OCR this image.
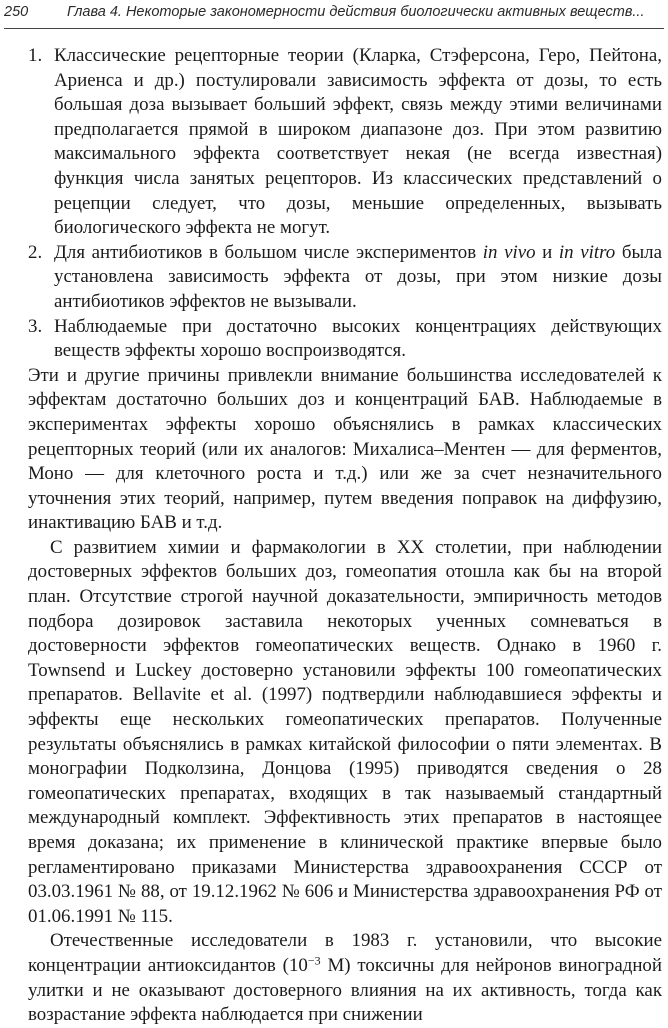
250	Глава 4. Некоторые закономерности действия биологически активных веществ...
1. Классические рецепторные теории (Кларка, Стэферсона, Геро, Пейтона, Ариенса и др.) постулировали зависимость эффекта от дозы, то есть большая доза вызывает больший эффект, связь между этими величинами предполагается прямой в широком диапазоне доз. При этом развитию максимального эффекта соответствует некая (не всегда известная) функция числа занятых рецепторов. Из классических представлений о рецепции следует, что дозы, меньшие определенных, вызывать биологического эффекта не могут.
2. Для антибиотиков в большом числе экспериментов in vivo и in vitro была установлена зависимость эффекта от дозы, при этом низкие дозы антибиотиков эффектов не вызывали.
3. Наблюдаемые при достаточно высоких концентрациях действующих веществ эффекты хорошо воспроизводятся.

Эти и другие причины привлекли внимание большинства исследователей к эффектам достаточно больших доз и концентраций БАВ. Наблюдаемые в экспериментах эффекты хорошо объяснялись в рамках классических рецепторных теорий (или их аналогов: Михалиса–Ментен — для ферментов, Моно — для клеточного роста и т.д.) или же за счет незначительного уточнения этих теорий, например, путем введения поправок на диффузию, инактивацию БАВ и т.д.

С развитием химии и фармакологии в XX столетии, при наблюдении достоверных эффектов больших доз, гомеопатия отошла как бы на второй план. Отсутствие строгой научной доказательности, эмпиричность методов подбора дозировок заставила некоторых ученных сомневаться в достоверности эффектов гомеопатических веществ. Однако в 1960 г. Townsend и Luckey достоверно установили эффекты 100 гомеопатических препаратов. Bellavite et al. (1997) подтвердили наблюдавшиеся эффекты и эффекты еще нескольких гомеопатических препаратов. Полученные результаты объяснялись в рамках китайской философии о пяти элементах. В монографии Подколзина, Донцова (1995) приводятся сведения о 28 гомеопатических препаратах, входящих в так называемый стандартный международный комплект. Эффективность этих препаратов в настоящее время доказана; их применение в клинической практике впервые было регламентировано приказами Министерства здравоохранения СССР от 03.03.1961 № 88, от 19.12.1962 № 606 и Министерства здравоохранения РФ от 01.06.1991 № 115.

Отечественные исследователи в 1983 г. установили, что высокие концентрации антиоксидантов ($10^{-3}$ М) токсичны для нейронов виноградной улитки и не оказывают достоверного влияния на их активность, тогда как возрастание эффекта наблюдается при снижении
